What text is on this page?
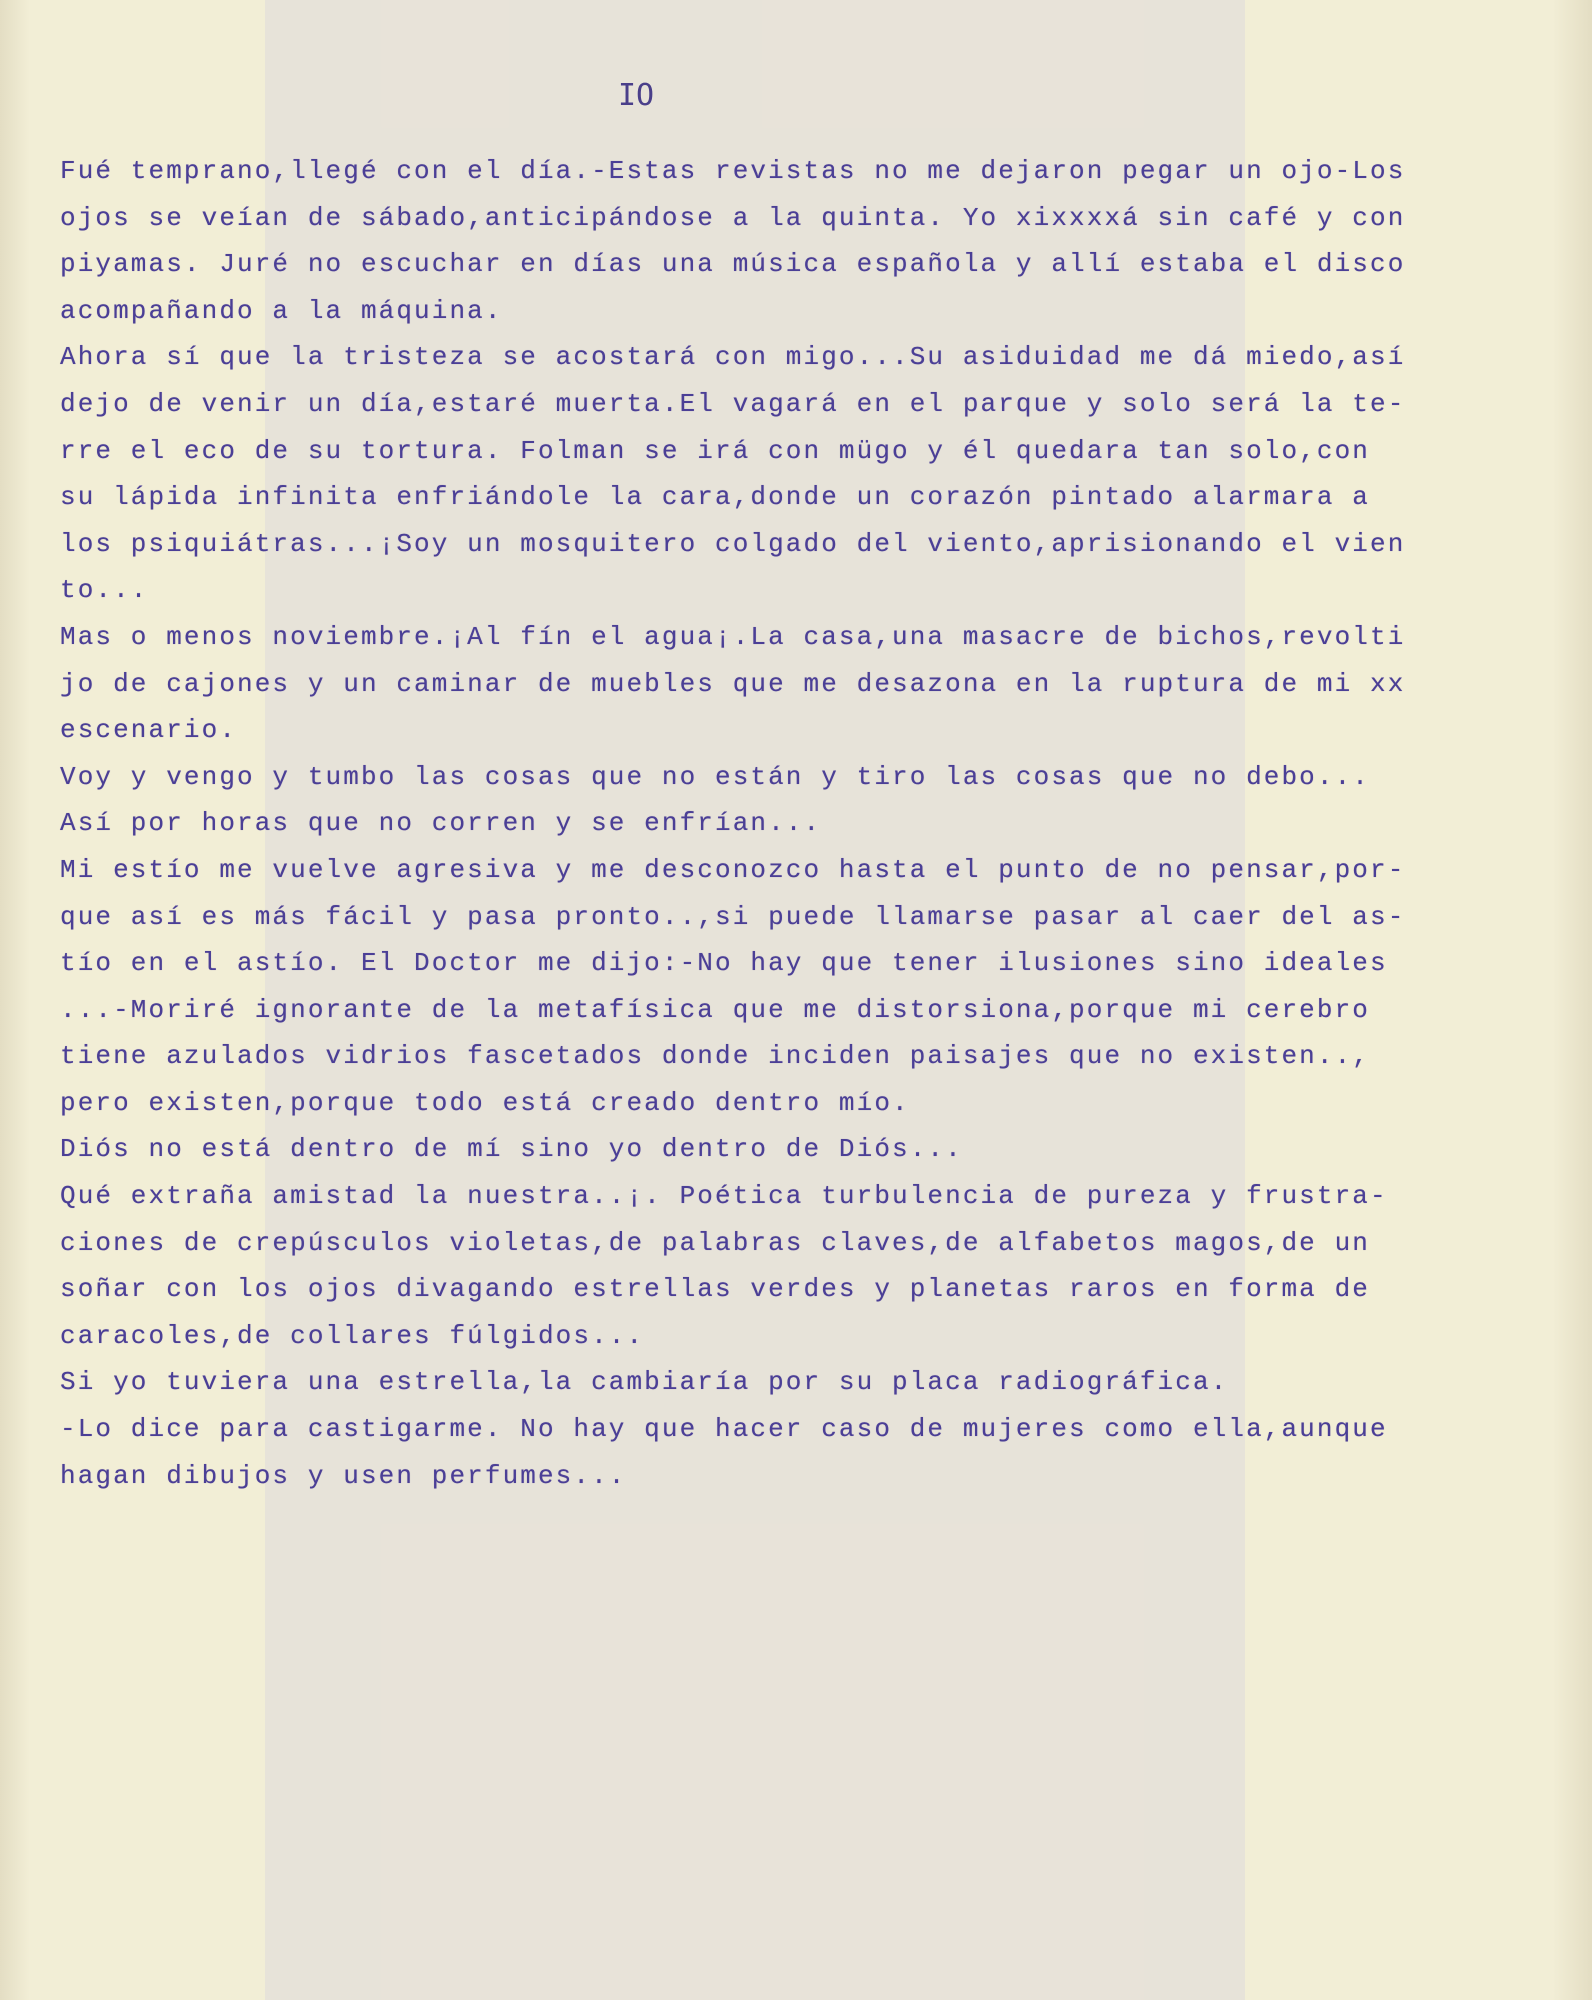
IO
Fué temprano,llegé con el día.-Estas revistas no me dejaron pegar un ojo-Los
ojos se veían de sábado,anticipándose a la quinta. Yo xixxxxá sin café y con
piyamas. Juré no escuchar en días una música española y allí estaba el disco
acompañando a la máquina.
Ahora sí que la tristeza se acostará con migo...Su asiduidad me dá miedo,así
dejo de venir un día,estaré muerta.El vagará en el parque y solo será la te-
rre el eco de su tortura. Folman se irá con mügo y él quedara tan solo,con
su lápida infinita enfriándole la cara,donde un corazón pintado alarmara a
los psiquiátras...¡Soy un mosquitero colgado del viento,aprisionando el vien
to...
Mas o menos noviembre.¡Al fín el agua¡.La casa,una masacre de bichos,revolti
jo de cajones y un caminar de muebles que me desazona en la ruptura de mi xx
escenario.
Voy y vengo y tumbo las cosas que no están y tiro las cosas que no debo...
Así por horas que no corren y se enfrían...
Mi estío me vuelve agresiva y me desconozco hasta el punto de no pensar,por-
que así es más fácil y pasa pronto..,si puede llamarse pasar al caer del as-
tío en el astío. El Doctor me dijo:-No hay que tener ilusiones sino ideales
...-Moriré ignorante de la metafísica que me distorsiona,porque mi cerebro
tiene azulados vidrios fascetados donde inciden paisajes que no existen..,
pero existen,porque todo está creado dentro mío.
Diós no está dentro de mí sino yo dentro de Diós...
Qué extraña amistad la nuestra..¡. Poética turbulencia de pureza y frustra-
ciones de crepúsculos violetas,de palabras claves,de alfabetos magos,de un
soñar con los ojos divagando estrellas verdes y planetas raros en forma de
caracoles,de collares fúlgidos...
Si yo tuviera una estrella,la cambiaría por su placa radiográfica.
-Lo dice para castigarme. No hay que hacer caso de mujeres como ella,aunque
hagan dibujos y usen perfumes...
